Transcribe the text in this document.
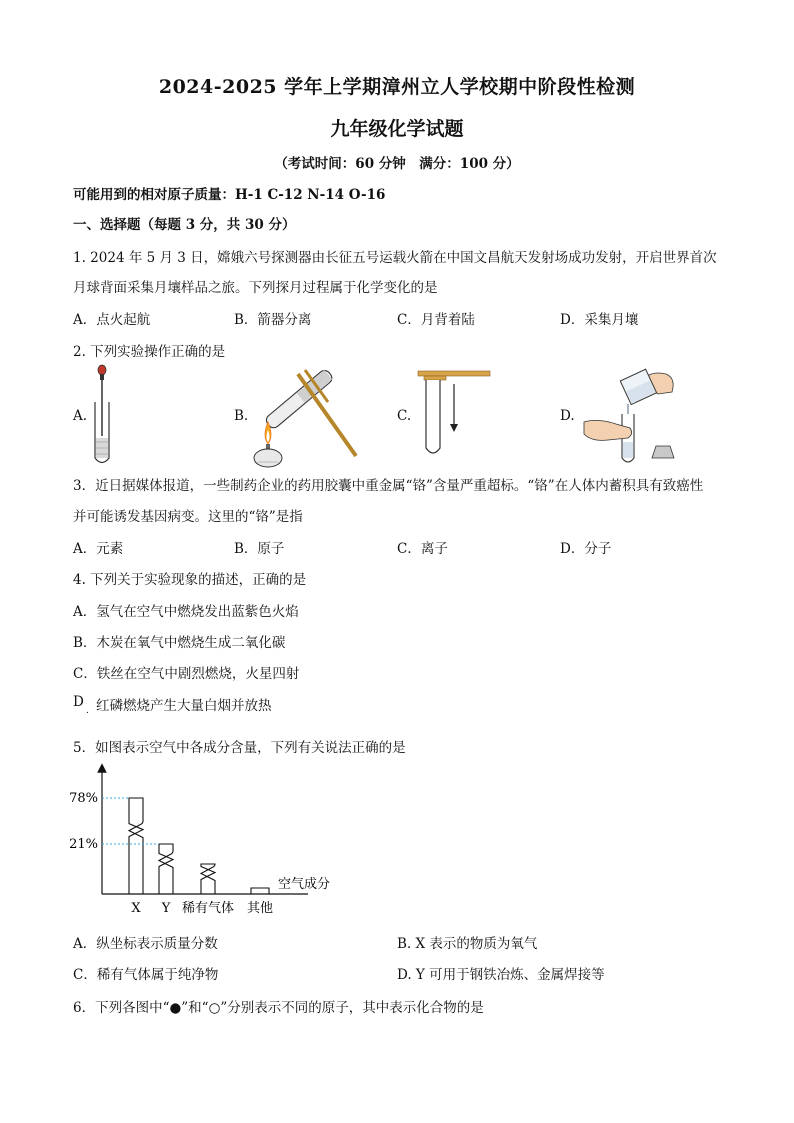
2024-2025 学年上学期漳州立人学校期中阶段性检测
九年级化学试题
（考试时间：60 分钟　满分：100 分）
可能用到的相对原子质量：H-1 C-12 N-14 O-16
一、选择题（每题 3 分，共 30 分）
1. 2024 年 5 月 3 日，嫦娥六号探测器由长征五号运载火箭在中国文昌航天发射场成功发射，开启世界首次
月球背面采集月壤样品之旅。下列探月过程属于化学变化的是
A．点火起航	B．箭器分离	C．月背着陆	D．采集月壤
2. 下列实验操作正确的是
A.	B.	C.	D.
3．近日据媒体报道，一些制药企业的药用胶囊中重金属“铬”含量严重超标。“铬”在人体内蓄积具有致癌性
并可能诱发基因病变。这里的“铬”是指
A．元素	B．原子	C．离子	D．分子
4. 下列关于实验现象的描述，正确的是
A．氢气在空气中燃烧发出蓝紫色火焰
B．木炭在氧气中燃烧生成二氧化碳
C．铁丝在空气中剧烈燃烧，火星四射
D
. 红磷燃烧产生大量白烟并放热
5．如图表示空气中各成分含量，下列有关说法正确的是
X Y 稀有气体 其他
78%
21%
空气成分
A．纵坐标表示质量分数	B. X 表示的物质为氧气
C．稀有气体属于纯净物	D. Y 可用于钢铁冶炼、金属焊接等
6．下列各图中“●”和“○”分别表示不同的原子，其中表示化合物的是
